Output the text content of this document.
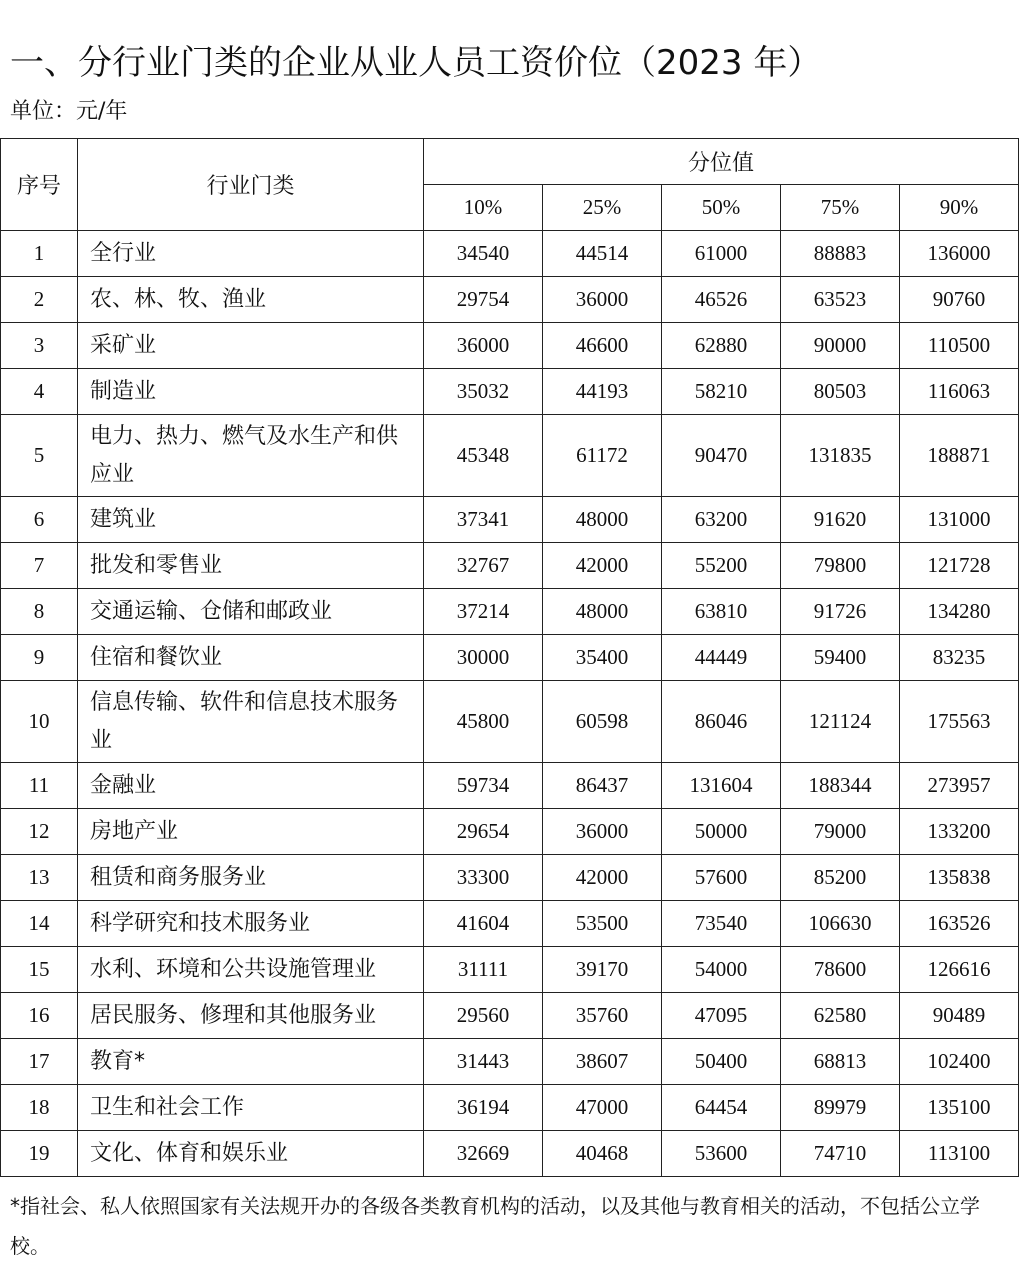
一、分行业门类的企业从业人员工资价位（2023 年）
单位：元/年
序号	行业门类	分位值				
		10%	25%	50%	75%	90%
1	全行业	34540	44514	61000	88883	136000
2	农、林、牧、渔业	29754	36000	46526	63523	90760
3	采矿业	36000	46600	62880	90000	110500
4	制造业	35032	44193	58210	80503	116063
5	电力、热力、燃气及水生产和供应业	45348	61172	90470	131835	188871
6	建筑业	37341	48000	63200	91620	131000
7	批发和零售业	32767	42000	55200	79800	121728
8	交通运输、仓储和邮政业	37214	48000	63810	91726	134280
9	住宿和餐饮业	30000	35400	44449	59400	83235
10	信息传输、软件和信息技术服务业	45800	60598	86046	121124	175563
11	金融业	59734	86437	131604	188344	273957
12	房地产业	29654	36000	50000	79000	133200
13	租赁和商务服务业	33300	42000	57600	85200	135838
14	科学研究和技术服务业	41604	53500	73540	106630	163526
15	水利、环境和公共设施管理业	31111	39170	54000	78600	126616
16	居民服务、修理和其他服务业	29560	35760	47095	62580	90489
17	教育*	31443	38607	50400	68813	102400
18	卫生和社会工作	36194	47000	64454	89979	135100
19	文化、体育和娱乐业	32669	40468	53600	74710	113100
*指社会、私人依照国家有关法规开办的各级各类教育机构的活动，以及其他与教育相关的活动，不包括公立学校。
